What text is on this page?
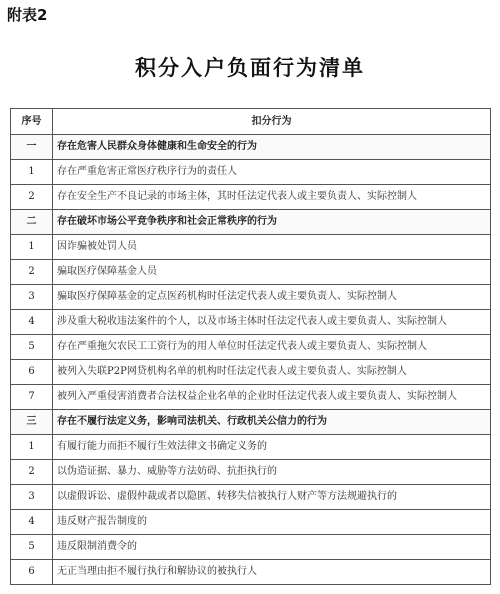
附表2
积分入户负面行为清单
序号	扣分行为
一	存在危害人民群众身体健康和生命安全的行为
1	存在严重危害正常医疗秩序行为的责任人
2	存在安全生产不良记录的市场主体，其时任法定代表人或主要负责人、实际控制人
二	存在破坏市场公平竞争秩序和社会正常秩序的行为
1	因诈骗被处罚人员
2	骗取医疗保障基金人员
3	骗取医疗保障基金的定点医药机构时任法定代表人或主要负责人、实际控制人
4	涉及重大税收违法案件的个人，以及市场主体时任法定代表人或主要负责人、实际控制人
5	存在严重拖欠农民工工资行为的用人单位时任法定代表人或主要负责人、实际控制人
6	被列入失联P2P网贷机构名单的机构时任法定代表人或主要负责人、实际控制人
7	被列入严重侵害消费者合法权益企业名单的企业时任法定代表人或主要负责人、实际控制人
三	存在不履行法定义务，影响司法机关、行政机关公信力的行为
1	有履行能力而拒不履行生效法律文书确定义务的
2	以伪造证据、暴力、威胁等方法妨碍、抗拒执行的
3	以虚假诉讼、虚假仲裁或者以隐匿、转移失信被执行人财产等方法规避执行的
4	违反财产报告制度的
5	违反限制消费令的
6	无正当理由拒不履行执行和解协议的被执行人
